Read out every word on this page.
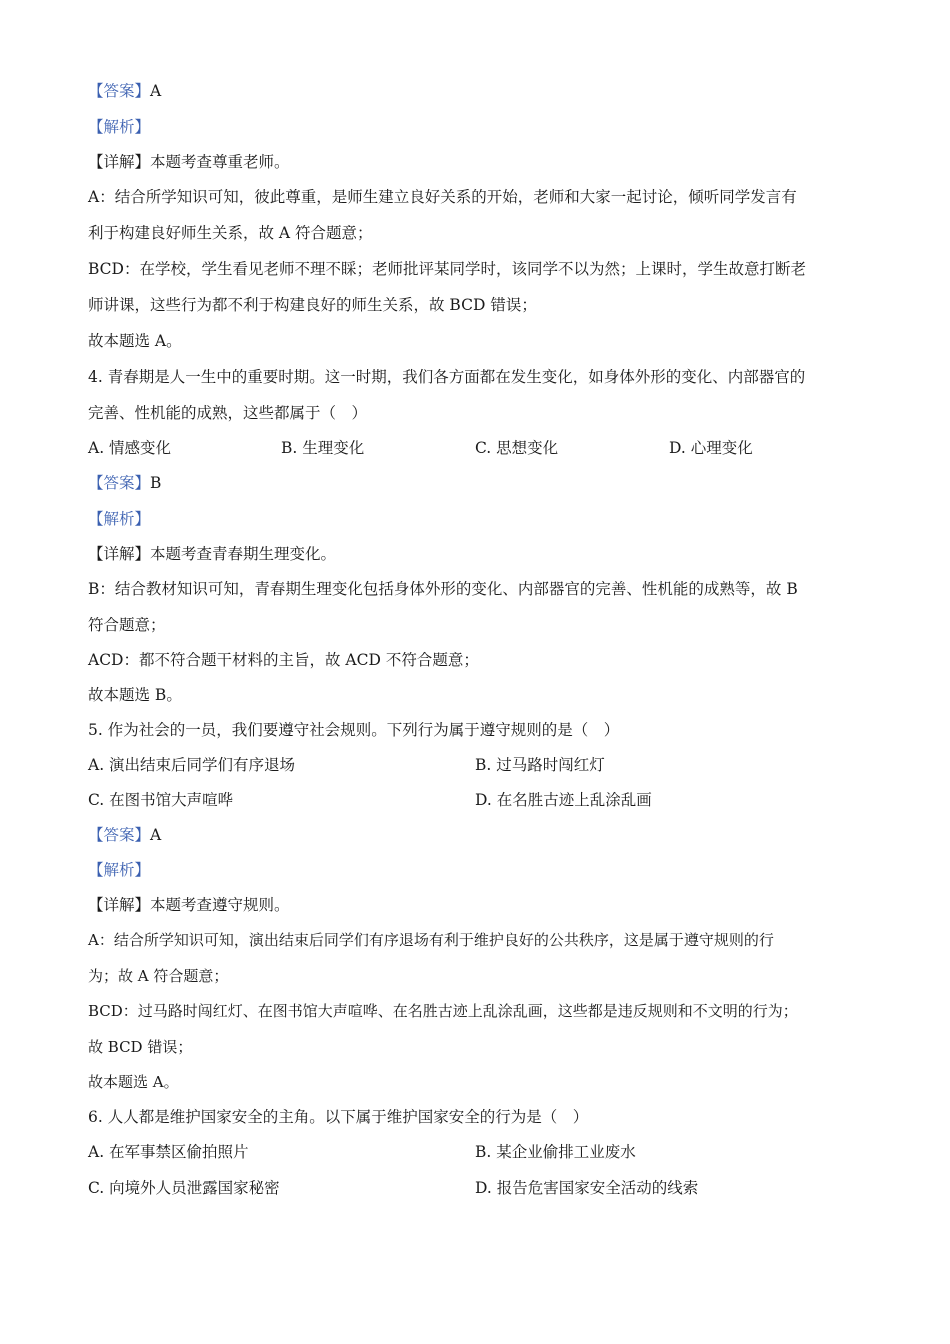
【答案】A
【解析】
【详解】本题考查尊重老师。
A：结合所学知识可知，彼此尊重，是师生建立良好关系的开始，老师和大家一起讨论，倾听同学发言有
利于构建良好师生关系，故 A 符合题意；
BCD：在学校，学生看见老师不理不睬；老师批评某同学时，该同学不以为然；上课时，学生故意打断老
师讲课，这些行为都不利于构建良好的师生关系，故 BCD 错误；
故本题选 A。
4. 青春期是人一生中的重要时期。这一时期，我们各方面都在发生变化，如身体外形的变化、内部器官的
完善、性机能的成熟，这些都属于（　）
A. 情感变化	B. 生理变化	C. 思想变化	D. 心理变化
【答案】B
【解析】
【详解】本题考查青春期生理变化。
B：结合教材知识可知，青春期生理变化包括身体外形的变化、内部器官的完善、性机能的成熟等，故 B
符合题意；
ACD：都不符合题干材料的主旨，故 ACD 不符合题意；
故本题选 B。
5. 作为社会的一员，我们要遵守社会规则。下列行为属于遵守规则的是（　）
A. 演出结束后同学们有序退场	B. 过马路时闯红灯
C. 在图书馆大声喧哗	D. 在名胜古迹上乱涂乱画
【答案】A
【解析】
【详解】本题考查遵守规则。
A：结合所学知识可知，演出结束后同学们有序退场有利于维护良好的公共秩序，这是属于遵守规则的行
为；故 A 符合题意；
BCD：过马路时闯红灯、在图书馆大声喧哗、在名胜古迹上乱涂乱画，这些都是违反规则和不文明的行为；
故 BCD 错误；
故本题选 A。
6. 人人都是维护国家安全的主角。以下属于维护国家安全的行为是（　）
A. 在军事禁区偷拍照片	B. 某企业偷排工业废水
C. 向境外人员泄露国家秘密	D. 报告危害国家安全活动的线索
